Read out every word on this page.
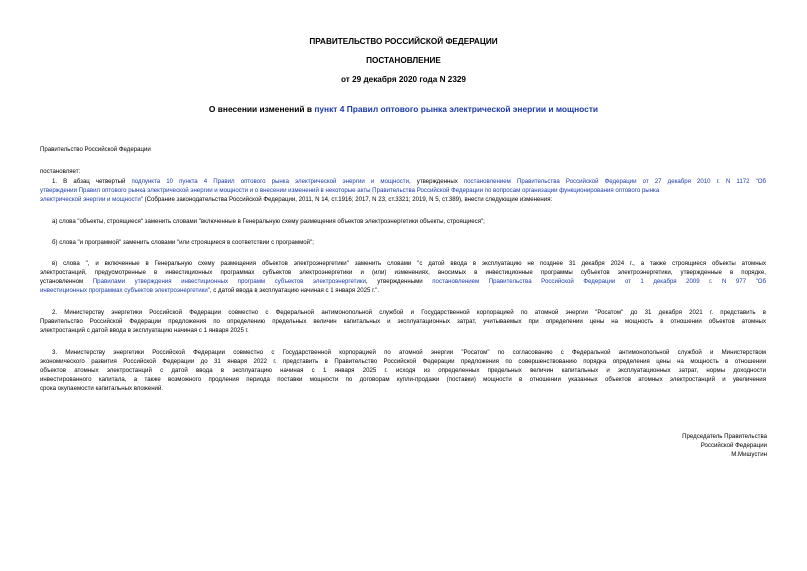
ПРАВИТЕЛЬСТВО РОССИЙСКОЙ ФЕДЕРАЦИИ
ПОСТАНОВЛЕНИЕ
от 29 декабря 2020 года N 2329
О внесении изменений в пункт 4 Правил оптового рынка электрической энергии и мощности
Правительство Российской Федерации
постановляет:
1. В абзац четвертый подпункта 10 пункта 4 Правил оптового рынка электрической энергии и мощности, утвержденных постановлением Правительства Российской Федерации от 27 декабря 2010 г. N 1172 "Об
утверждении Правил оптового рынка электрической энергии и мощности и о внесении изменений в некоторые акты Правительства Российской Федерации по вопросам организации функционирования оптового рынка
электрической энергии и мощности" (Собрание законодательства Российской Федерации, 2011, N 14, ст.1916; 2017, N 23, ст.3321; 2019, N 5, ст.389), внести следующие изменения:
а) слова "объекты, строящиеся" заменить словами "включенные в Генеральную схему размещения объектов электроэнергетики объекты, строящиеся";
б) слова "и программой" заменить словами "или строящиеся в соответствии с программой";
в) слова ", и включенные в Генеральную схему размещения объектов электроэнергетики" заменить словами "с датой ввода в эксплуатацию не позднее 31 декабря 2024 г., а также строящиеся объекты атомных
электростанций, предусмотренные в инвестиционных программах субъектов электроэнергетики и (или) изменениях, вносимых в инвестиционные программы субъектов электроэнергетики, утвержденные в порядке,
установленном Правилами утверждения инвестиционных программ субъектов электроэнергетики, утвержденными постановлением Правительства Российской Федерации от 1 декабря 2009 г. N 977 "Об
инвестиционных программах субъектов электроэнергетики", с датой ввода в эксплуатацию начиная с 1 января 2025 г.".
2. Министерству энергетики Российской Федерации совместно с Федеральной антимонопольной службой и Государственной корпорацией по атомной энергии "Росатом" до 31 декабря 2021 г. представить в
Правительство Российской Федерации предложения по определению предельных величин капитальных и эксплуатационных затрат, учитываемых при определении цены на мощность в отношении объектов атомных
электростанций с датой ввода в эксплуатацию начиная с 1 января 2025 г.
3. Министерству энергетики Российской Федерации совместно с Государственной корпорацией по атомной энергии "Росатом" по согласованию с Федеральной антимонопольной службой и Министерством
экономического развития Российской Федерации до 31 января 2022 г. представить в Правительство Российской Федерации предложения по совершенствованию порядка определения цены на мощность в отношении
объектов атомных электростанций с датой ввода в эксплуатацию начиная с 1 января 2025 г. исходя из определенных предельных величин капитальных и эксплуатационных затрат, нормы доходности
инвестированного капитала, а также возможного продления периода поставки мощности по договорам купли-продажи (поставки) мощности в отношении указанных объектов атомных электростанций и увеличения
срока окупаемости капитальных вложений.
Председатель Правительства
Российской Федерации
М.Мишустин
